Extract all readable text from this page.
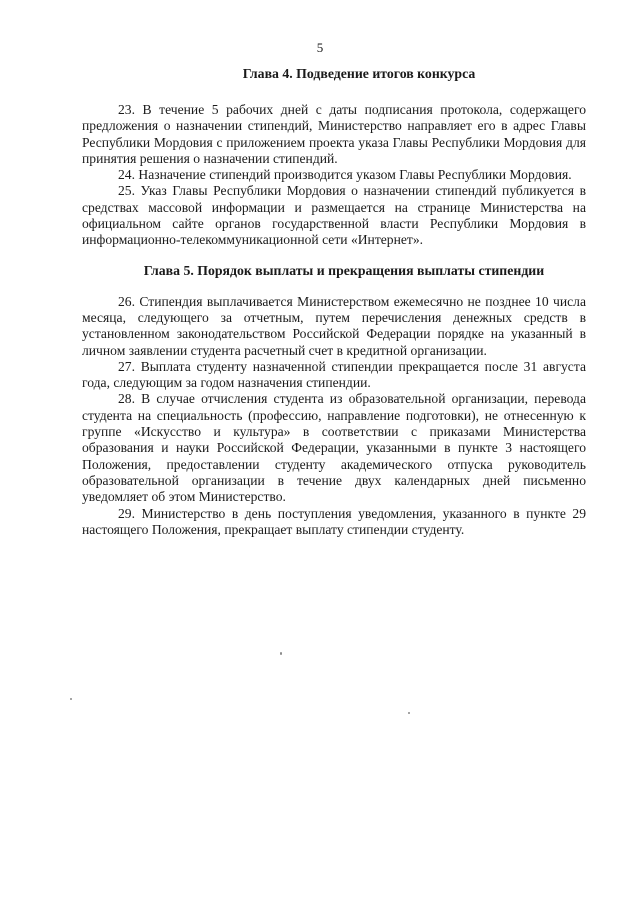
5
Глава 4. Подведение итогов конкурса

23. В течение 5 рабочих дней с даты подписания протокола, содержащего предложения о назначении стипендий, Министерство направляет его в адрес Главы Республики Мордовия с приложением проекта указа Главы Республики Мордовия для принятия решения о назначении стипендий.

24. Назначение стипендий производится указом Главы Республики Мордовия.

25. Указ Главы Республики Мордовия о назначении стипендий публикуется в средствах массовой информации и размещается на странице Министерства на официальном сайте органов государственной власти Республики Мордовия в информационно-телекоммуникационной сети «Интернет».

Глава 5. Порядок выплаты и прекращения выплаты стипендии

26. Стипендия выплачивается Министерством ежемесячно не позднее 10 числа месяца, следующего за отчетным, путем перечисления денежных средств в установленном законодательством Российской Федерации порядке на указанный в личном заявлении студента расчетный счет в кредитной организации.

27. Выплата студенту назначенной стипендии прекращается после 31 августа года, следующим за годом назначения стипендии.

28. В случае отчисления студента из образовательной организации, перевода студента на специальность (профессию, направление подготовки), не отнесенную к группе «Искусство и культура» в соответствии с приказами Министерства образования и науки Российской Федерации, указанными в пункте 3 настоящего Положения, предоставлении студенту академического отпуска руководитель образовательной организации в течение двух календарных дней письменно уведомляет об этом Министерство.

29. Министерство в день поступления уведомления, указанного в пункте 29 настоящего Положения, прекращает выплату стипендии студенту.
